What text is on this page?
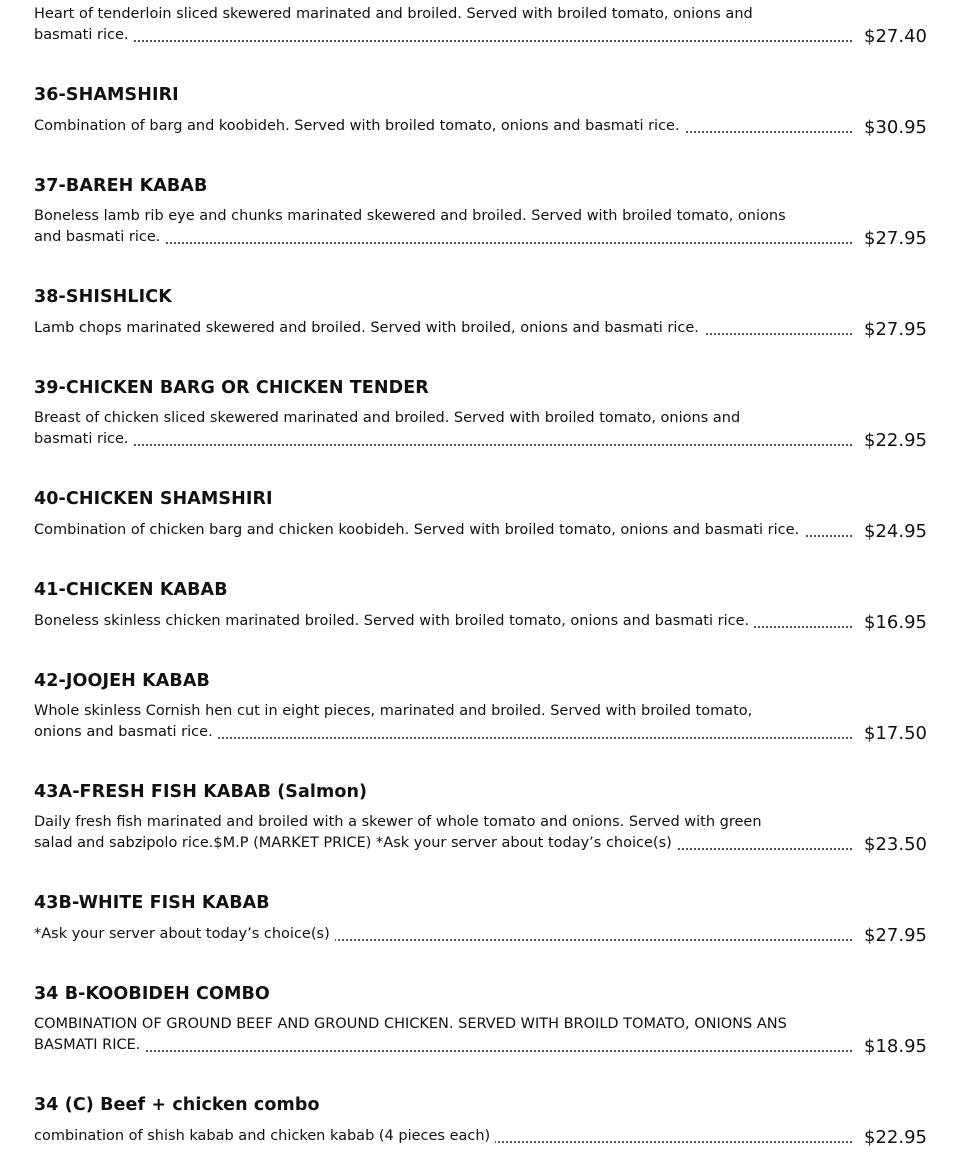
Heart of tenderloin sliced skewered marinated and broiled. Served with broiled tomato, onions and basmati rice.	$27.40
36-SHAMSHIRI
Combination of barg and koobideh. Served with broiled tomato, onions and basmati rice.	$30.95
37-BAREH KABAB
Boneless lamb rib eye and chunks marinated skewered and broiled. Served with broiled tomato, onions and basmati rice.	$27.95
38-SHISHLICK
Lamb chops marinated skewered and broiled. Served with broiled, onions and basmati rice.	$27.95
39-CHICKEN BARG OR CHICKEN TENDER
Breast of chicken sliced skewered marinated and broiled. Served with broiled tomato, onions and basmati rice.	$22.95
40-CHICKEN SHAMSHIRI
Combination of chicken barg and chicken koobideh. Served with broiled tomato, onions and basmati rice.	$24.95
41-CHICKEN KABAB
Boneless skinless chicken marinated broiled. Served with broiled tomato, onions and basmati rice.	$16.95
42-JOOJEH KABAB
Whole skinless Cornish hen cut in eight pieces, marinated and broiled. Served with broiled tomato, onions and basmati rice.	$17.50
43A-FRESH FISH KABAB (Salmon)
Daily fresh fish marinated and broiled with a skewer of whole tomato and onions. Served with green salad and sabzipolo rice.$M.P (MARKET PRICE) *Ask your server about today’s choice(s)	$23.50
43B-WHITE FISH KABAB
*Ask your server about today’s choice(s)	$27.95
34 B-KOOBIDEH COMBO
COMBINATION OF GROUND BEEF AND GROUND CHICKEN. SERVED WITH BROILD TOMATO, ONIONS ANS BASMATI RICE.	$18.95
34 (C) Beef + chicken combo
combination of shish kabab and chicken kabab (4 pieces each)	$22.95
